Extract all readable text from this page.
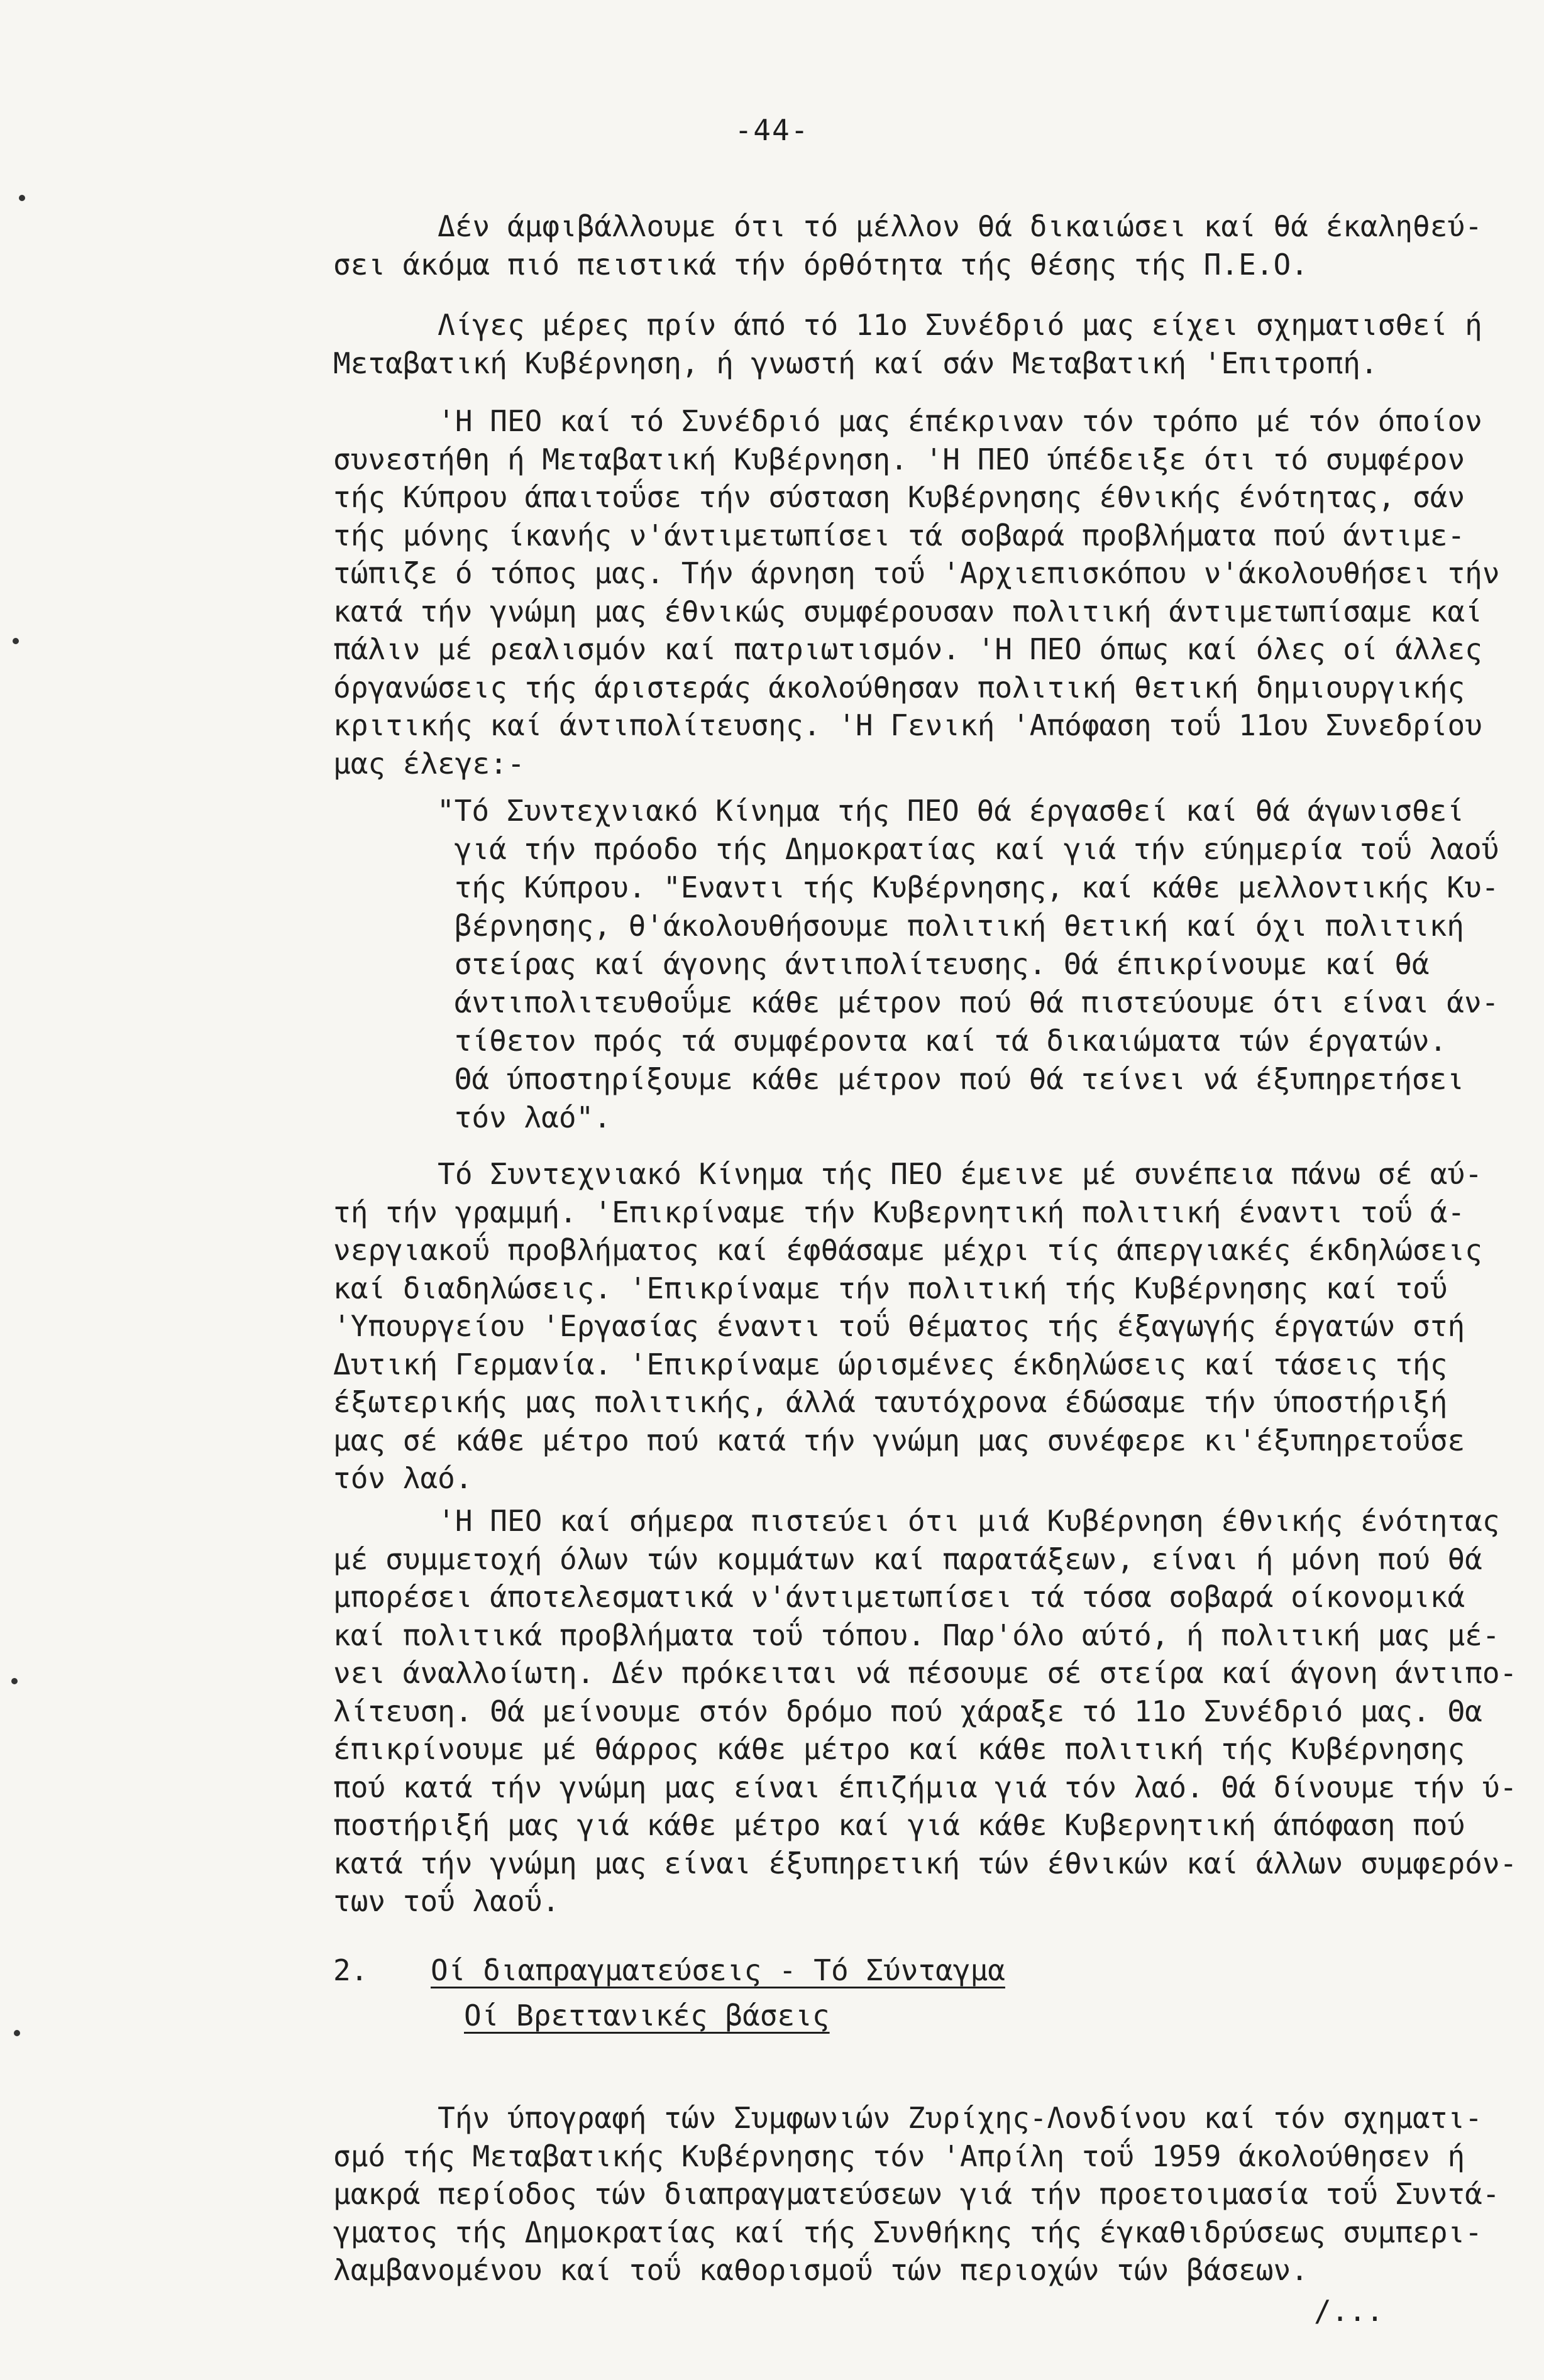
-44-
Δέν άμφιβάλλουμε ότι τό μέλλον θά δικαιώσει καί θά έκαληθεύ-
σει άκόμα πιό πειστικά τήν όρθότητα τής θέσης τής Π.Ε.Ο.
Λίγες μέρες πρίν άπό τό 11ο Συνέδριό μας είχει σχηματισθεί ή
Μεταβατική Κυβέρνηση, ή γνωστή καί σάν Μεταβατική 'Επιτροπή.
'Η ΠΕΟ καί τό Συνέδριό μας έπέκριναν τόν τρόπο μέ τόν όποίον
συνεστήθη ή Μεταβατική Κυβέρνηση. 'Η ΠΕΟ ύπέδειξε ότι τό συμφέρον
τής Κύπρου άπαιτοΰσε τήν σύσταση Κυβέρνησης έθνικής ένότητας, σάν
τής μόνης ίκανής ν'άντιμετωπίσει τά σοβαρά προβλήματα πού άντιμε-
τώπιζε ό τόπος μας. Τήν άρνηση τοΰ 'Αρχιεπισκόπου ν'άκολουθήσει τήν
κατά τήν γνώμη μας έθνικώς συμφέρουσαν πολιτική άντιμετωπίσαμε καί
πάλιν μέ ρεαλισμόν καί πατριωτισμόν. 'Η ΠΕΟ όπως καί όλες οί άλλες
όργανώσεις τής άριστεράς άκολούθησαν πολιτική θετική δημιουργικής
κριτικής καί άντιπολίτευσης. 'Η Γενική 'Απόφαση τοΰ 11ου Συνεδρίου
μας έλεγε:-
"Τό Συντεχνιακό Κίνημα τής ΠΕΟ θά έργασθεί καί θά άγωνισθεί
γιά τήν πρόοδο τής Δημοκρατίας καί γιά τήν εύημερία τοΰ λαοΰ
τής Κύπρου. "Εναντι τής Κυβέρνησης, καί κάθε μελλοντικής Κυ-
βέρνησης, θ'άκολουθήσουμε πολιτική θετική καί όχι πολιτική
στείρας καί άγονης άντιπολίτευσης. Θά έπικρίνουμε καί θά
άντιπολιτευθοΰμε κάθε μέτρον πού θά πιστεύουμε ότι είναι άν-
τίθετον πρός τά συμφέροντα καί τά δικαιώματα τών έργατών.
Θά ύποστηρίξουμε κάθε μέτρον πού θά τείνει νά έξυπηρετήσει
τόν λαό".
Τό Συντεχνιακό Κίνημα τής ΠΕΟ έμεινε μέ συνέπεια πάνω σέ αύ-
τή τήν γραμμή. 'Επικρίναμε τήν Κυβερνητική πολιτική έναντι τοΰ ά-
νεργιακοΰ προβλήματος καί έφθάσαμε μέχρι τίς άπεργιακές έκδηλώσεις
καί διαδηλώσεις. 'Επικρίναμε τήν πολιτική τής Κυβέρνησης καί τοΰ
'Υπουργείου 'Εργασίας έναντι τοΰ θέματος τής έξαγωγής έργατών στή
Δυτική Γερμανία. 'Επικρίναμε ώρισμένες έκδηλώσεις καί τάσεις τής
έξωτερικής μας πολιτικής, άλλά ταυτόχρονα έδώσαμε τήν ύποστήριξή
μας σέ κάθε μέτρο πού κατά τήν γνώμη μας συνέφερε κι'έξυπηρετοΰσε
τόν λαό.
'Η ΠΕΟ καί σήμερα πιστεύει ότι μιά Κυβέρνηση έθνικής ένότητας
μέ συμμετοχή όλων τών κομμάτων καί παρατάξεων, είναι ή μόνη πού θά
μπορέσει άποτελεσματικά ν'άντιμετωπίσει τά τόσα σοβαρά οίκονομικά
καί πολιτικά προβλήματα τοΰ τόπου. Παρ'όλο αύτό, ή πολιτική μας μέ-
νει άναλλοίωτη. Δέν πρόκειται νά πέσουμε σέ στείρα καί άγονη άντιπο-
λίτευση. Θά μείνουμε στόν δρόμο πού χάραξε τό 11ο Συνέδριό μας. Θα
έπικρίνουμε μέ θάρρος κάθε μέτρο καί κάθε πολιτική τής Κυβέρνησης
πού κατά τήν γνώμη μας είναι έπιζήμια γιά τόν λαό. Θά δίνουμε τήν ύ-
ποστήριξή μας γιά κάθε μέτρο καί γιά κάθε Κυβερνητική άπόφαση πού
κατά τήν γνώμη μας είναι έξυπηρετική τών έθνικών καί άλλων συμφερόν-
των τοΰ λαοΰ.
2. Οί διαπραγματεύσεις - Τό Σύνταγμα
Οί Βρεττανικές βάσεις
Τήν ύπογραφή τών Συμφωνιών Ζυρίχης-Λονδίνου καί τόν σχηματι-
σμό τής Μεταβατικής Κυβέρνησης τόν 'Απρίλη τοΰ 1959 άκολούθησεν ή
μακρά περίοδος τών διαπραγματεύσεων γιά τήν προετοιμασία τοΰ Συντά-
γματος τής Δημοκρατίας καί τής Συνθήκης τής έγκαθιδρύσεως συμπερι-
λαμβανομένου καί τοΰ καθορισμοΰ τών περιοχών τών βάσεων.
/...
